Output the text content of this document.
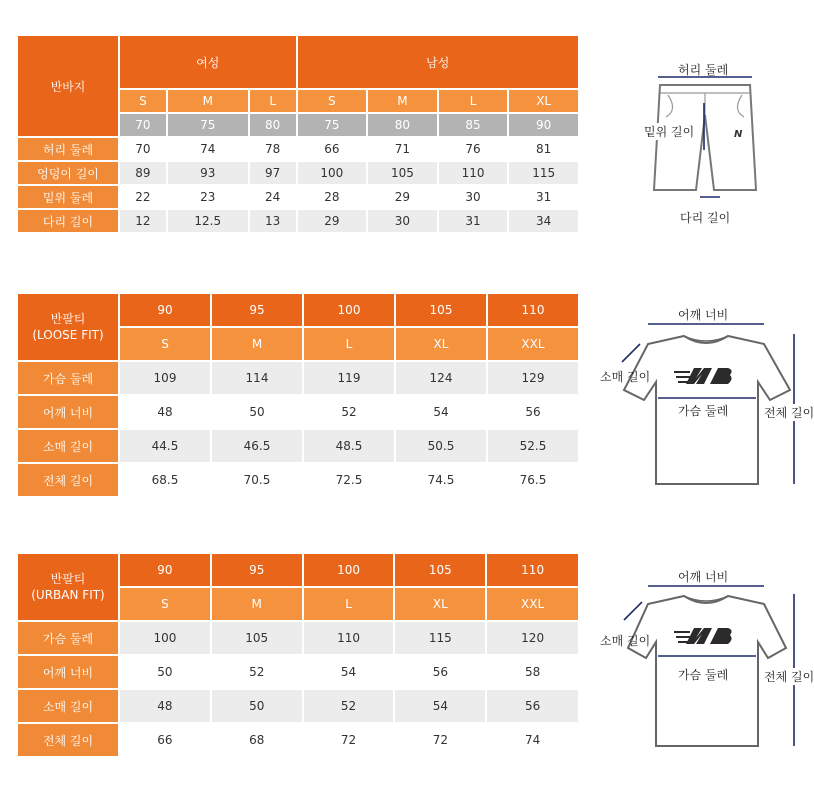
반바지	여성			남성			
	S	M	L	S	M	L	XL
	70	75	80	75	80	85	90
허리 둘레	70	74	78	66	71	76	81
엉덩이 길이	89	93	97	100	105	110	115
밑위 둘레	22	23	24	28	29	30	31
다리 길이	12	12.5	13	29	30	31	34
N
허리 둘레
밑위 길이
다리 길이
반팔티
(LOOSE FIT)	90	95	100	105	110
	S	M	L	XL	XXL
가슴 둘레	109	114	119	124	129
어깨 너비	48	50	52	54	56
소매 길이	44.5	46.5	48.5	50.5	52.5
전체 길이	68.5	70.5	72.5	74.5	76.5
어깨 너비
소매 길이
가슴 둘레	전체 길이
반팔티
(URBAN FIT)	90	95	100	105	110
	S	M	L	XL	XXL
가슴 둘레	100	105	110	115	120
어깨 너비	50	52	54	56	58
소매 길이	48	50	52	54	56
전체 길이	66	68	72	72	74
어깨 너비
소매 길이
가슴 둘레	전체 길이
